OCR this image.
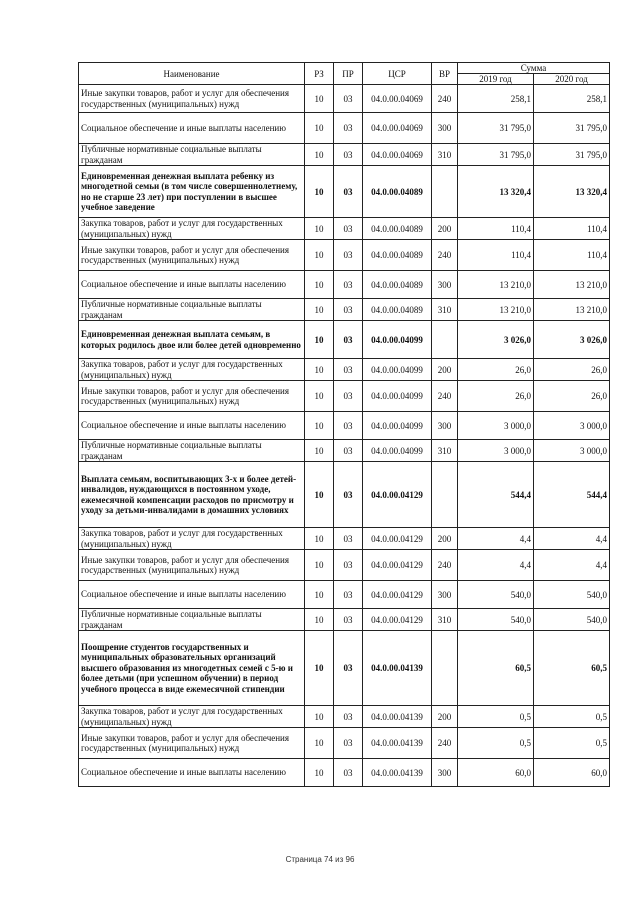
Наименование	РЗ	ПР	ЦСР	ВР	Сумма	
					2019 год	2020 год
Иные закупки товаров, работ и услуг для обеспечения государственных (муниципальных) нужд	10	03	04.0.00.04069	240	258,1	258,1
Социальное обеспечение и иные выплаты населению	10	03	04.0.00.04069	300	31 795,0	31 795,0
Публичные нормативные социальные выплаты гражданам	10	03	04.0.00.04069	310	31 795,0	31 795,0
Единовременная денежная выплата ребенку из многодетной семьи (в том числе совершеннолетнему, но не старше 23 лет) при поступлении в высшее учебное заведение	10	03	04.0.00.04089		13 320,4	13 320,4
Закупка товаров, работ и услуг для государственных (муниципальных) нужд	10	03	04.0.00.04089	200	110,4	110,4
Иные закупки товаров, работ и услуг для обеспечения государственных (муниципальных) нужд	10	03	04.0.00.04089	240	110,4	110,4
Социальное обеспечение и иные выплаты населению	10	03	04.0.00.04089	300	13 210,0	13 210,0
Публичные нормативные социальные выплаты гражданам	10	03	04.0.00.04089	310	13 210,0	13 210,0
Единовременная денежная выплата семьям, в которых родилось двое или более детей одновременно	10	03	04.0.00.04099		3 026,0	3 026,0
Закупка товаров, работ и услуг для государственных (муниципальных) нужд	10	03	04.0.00.04099	200	26,0	26,0
Иные закупки товаров, работ и услуг для обеспечения государственных (муниципальных) нужд	10	03	04.0.00.04099	240	26,0	26,0
Социальное обеспечение и иные выплаты населению	10	03	04.0.00.04099	300	3 000,0	3 000,0
Публичные нормативные социальные выплаты гражданам	10	03	04.0.00.04099	310	3 000,0	3 000,0
Выплата семьям, воспитывающих 3-х и более детей-инвалидов, нуждающихся в постоянном уходе, ежемесячной компенсации расходов по присмотру и уходу за детьми-инвалидами в домашних условиях	10	03	04.0.00.04129		544,4	544,4
Закупка товаров, работ и услуг для государственных (муниципальных) нужд	10	03	04.0.00.04129	200	4,4	4,4
Иные закупки товаров, работ и услуг для обеспечения государственных (муниципальных) нужд	10	03	04.0.00.04129	240	4,4	4,4
Социальное обеспечение и иные выплаты населению	10	03	04.0.00.04129	300	540,0	540,0
Публичные нормативные социальные выплаты гражданам	10	03	04.0.00.04129	310	540,0	540,0
Поощрение студентов государственных и муниципальных образовательных организаций высшего образования из многодетных семей с 5-ю и более детьми (при успешном обучении) в период учебного процесса в виде ежемесячной стипендии	10	03	04.0.00.04139		60,5	60,5
Закупка товаров, работ и услуг для государственных (муниципальных) нужд	10	03	04.0.00.04139	200	0,5	0,5
Иные закупки товаров, работ и услуг для обеспечения государственных (муниципальных) нужд	10	03	04.0.00.04139	240	0,5	0,5
Социальное обеспечение и иные выплаты населению	10	03	04.0.00.04139	300	60,0	60,0
Страница 74 из 96
